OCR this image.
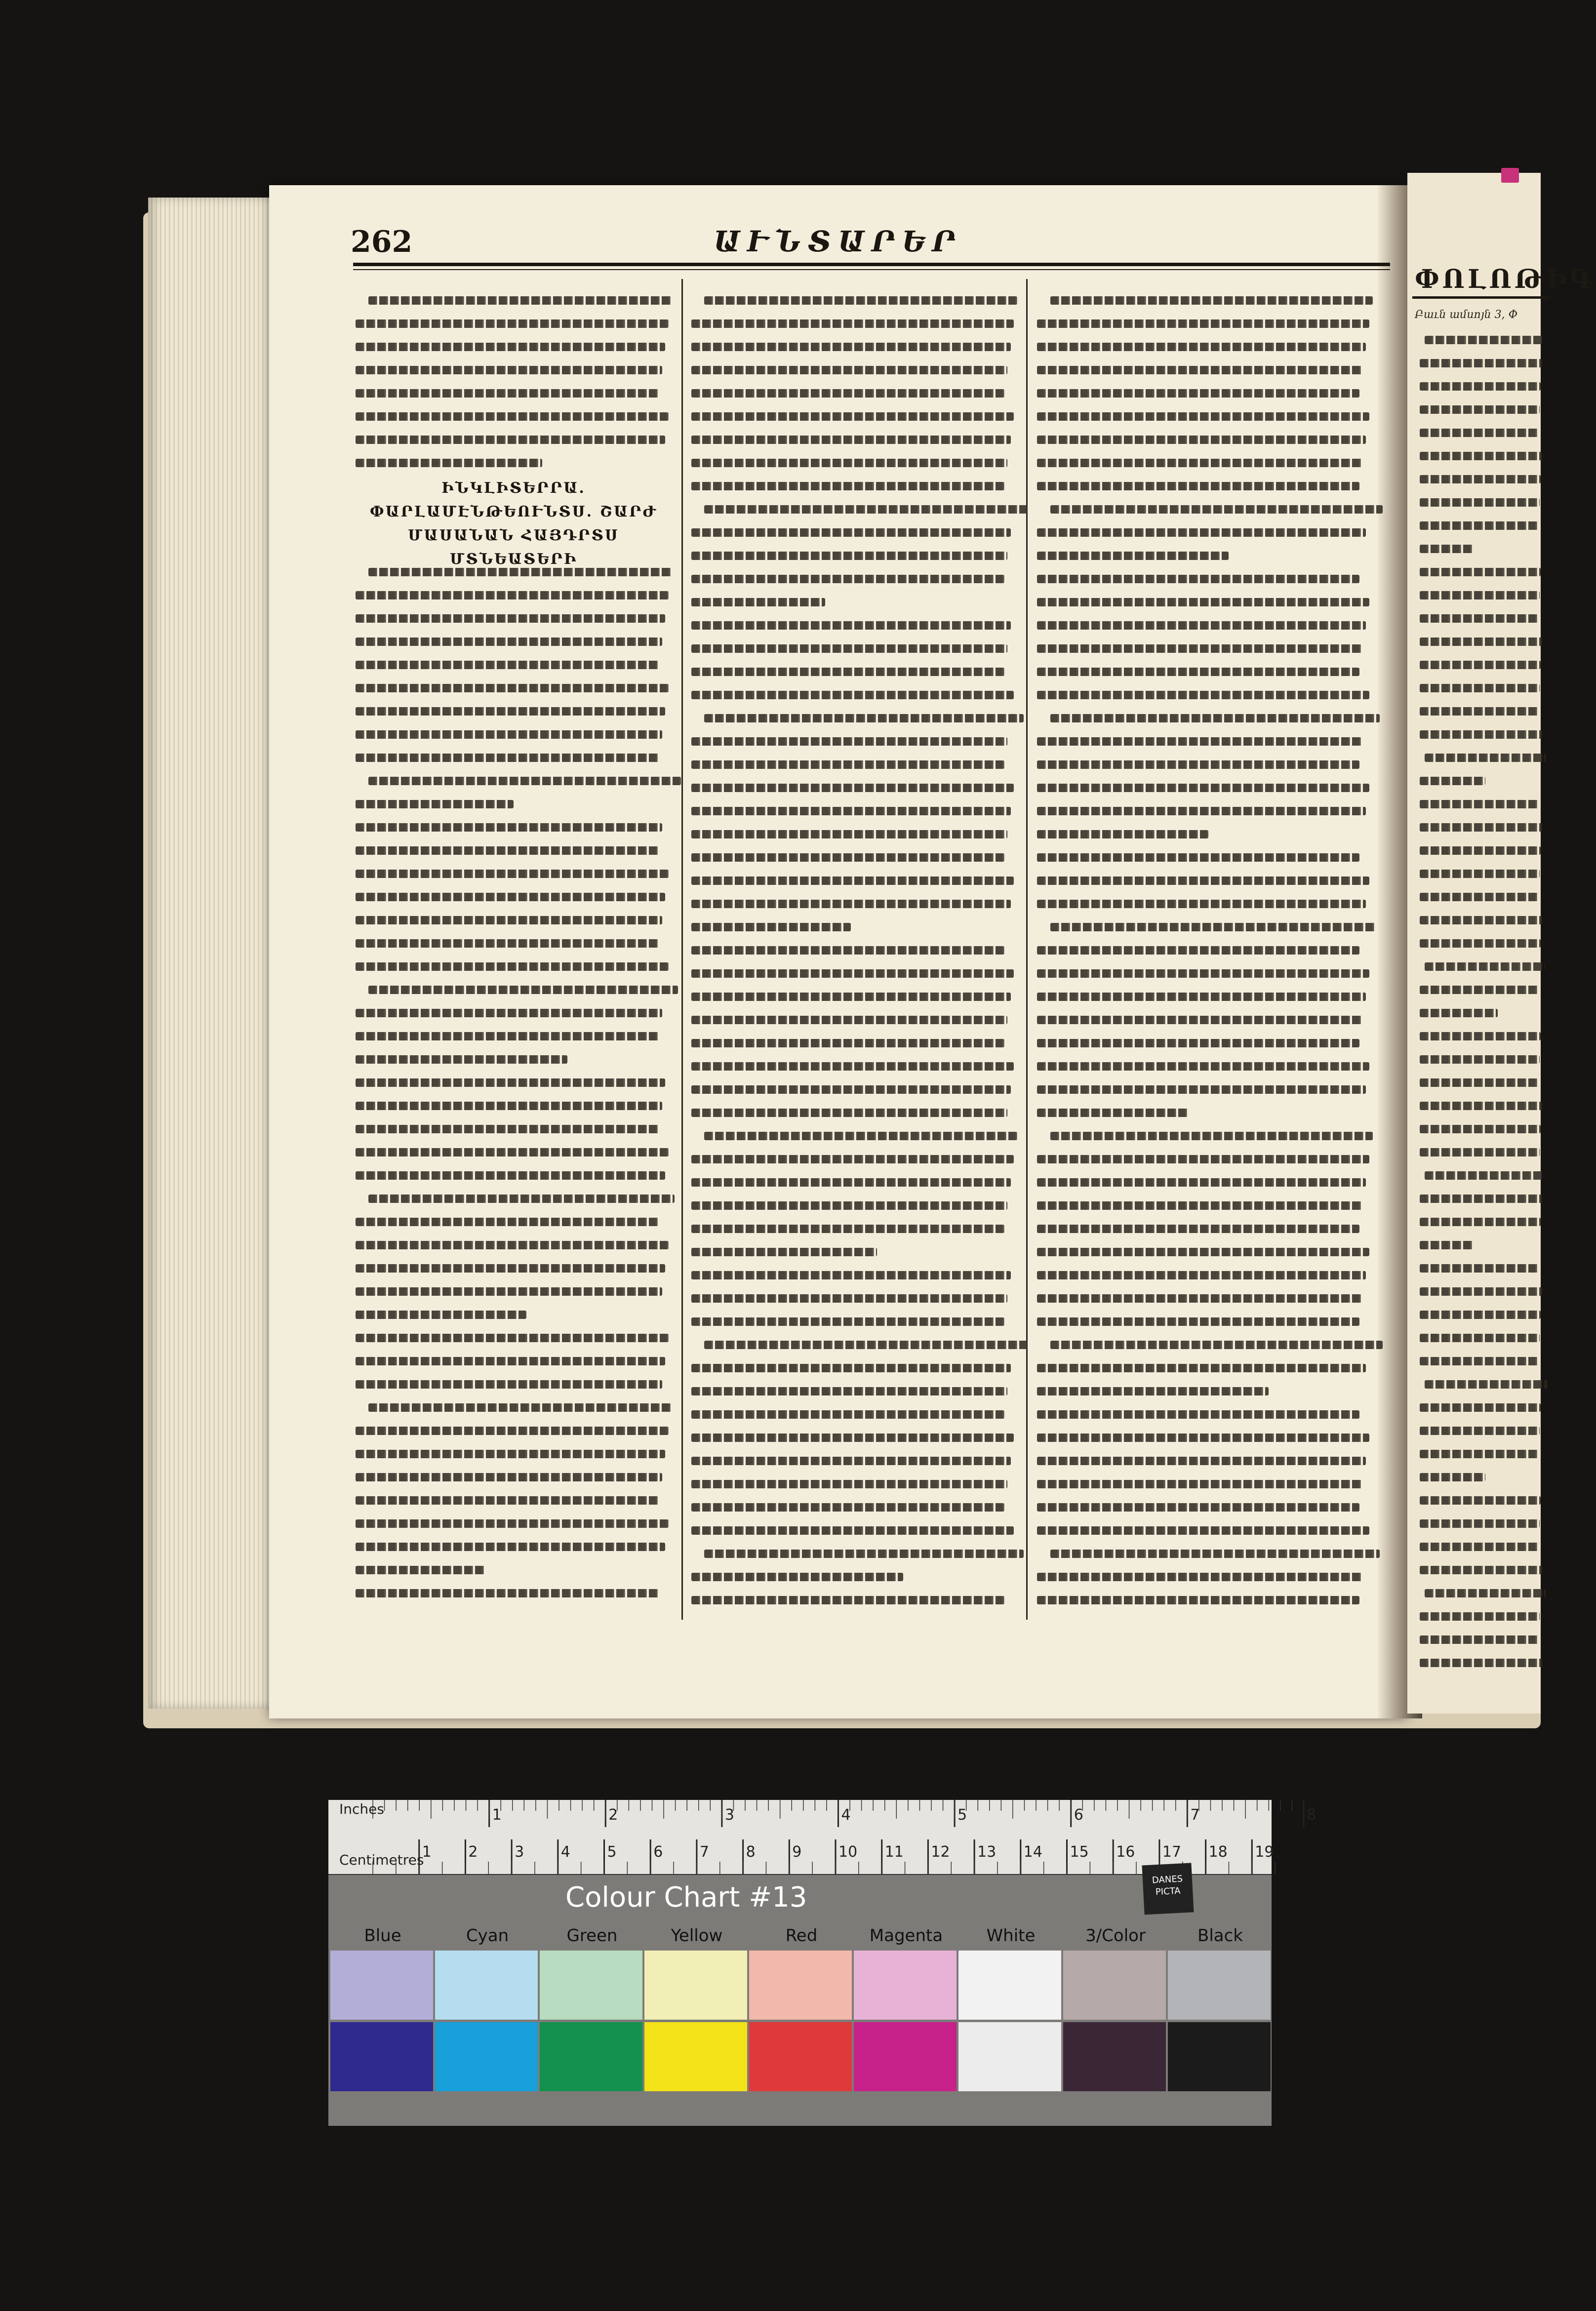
ՓՈԼՈԹԻԳ
Բաւն ամսոյն 3, Փ
262	ԱՒՆՏԱՐԵՐ
ԻՆԿԼԻՏԵՐՐԱ. ՓԱՐԼԱՄԷՆԹԵՈՒՆՏՍ. ՇԱՐԺ ՄԱՍԱՆԱՆ ՀԱՅԴՐՏՍ ՄՏՆԵԱՏԵՐԻ
1	2	3	4	5	6	7	8
1 2 3 4 5 6 7 8 9 10 11 12 13 14 15 16 17 18 19
Inches
Centimetres
Colour Chart #13
DANES PICTA
Blue	Cyan	Green	Yellow	Red	Magenta	White	3/Color	Black
